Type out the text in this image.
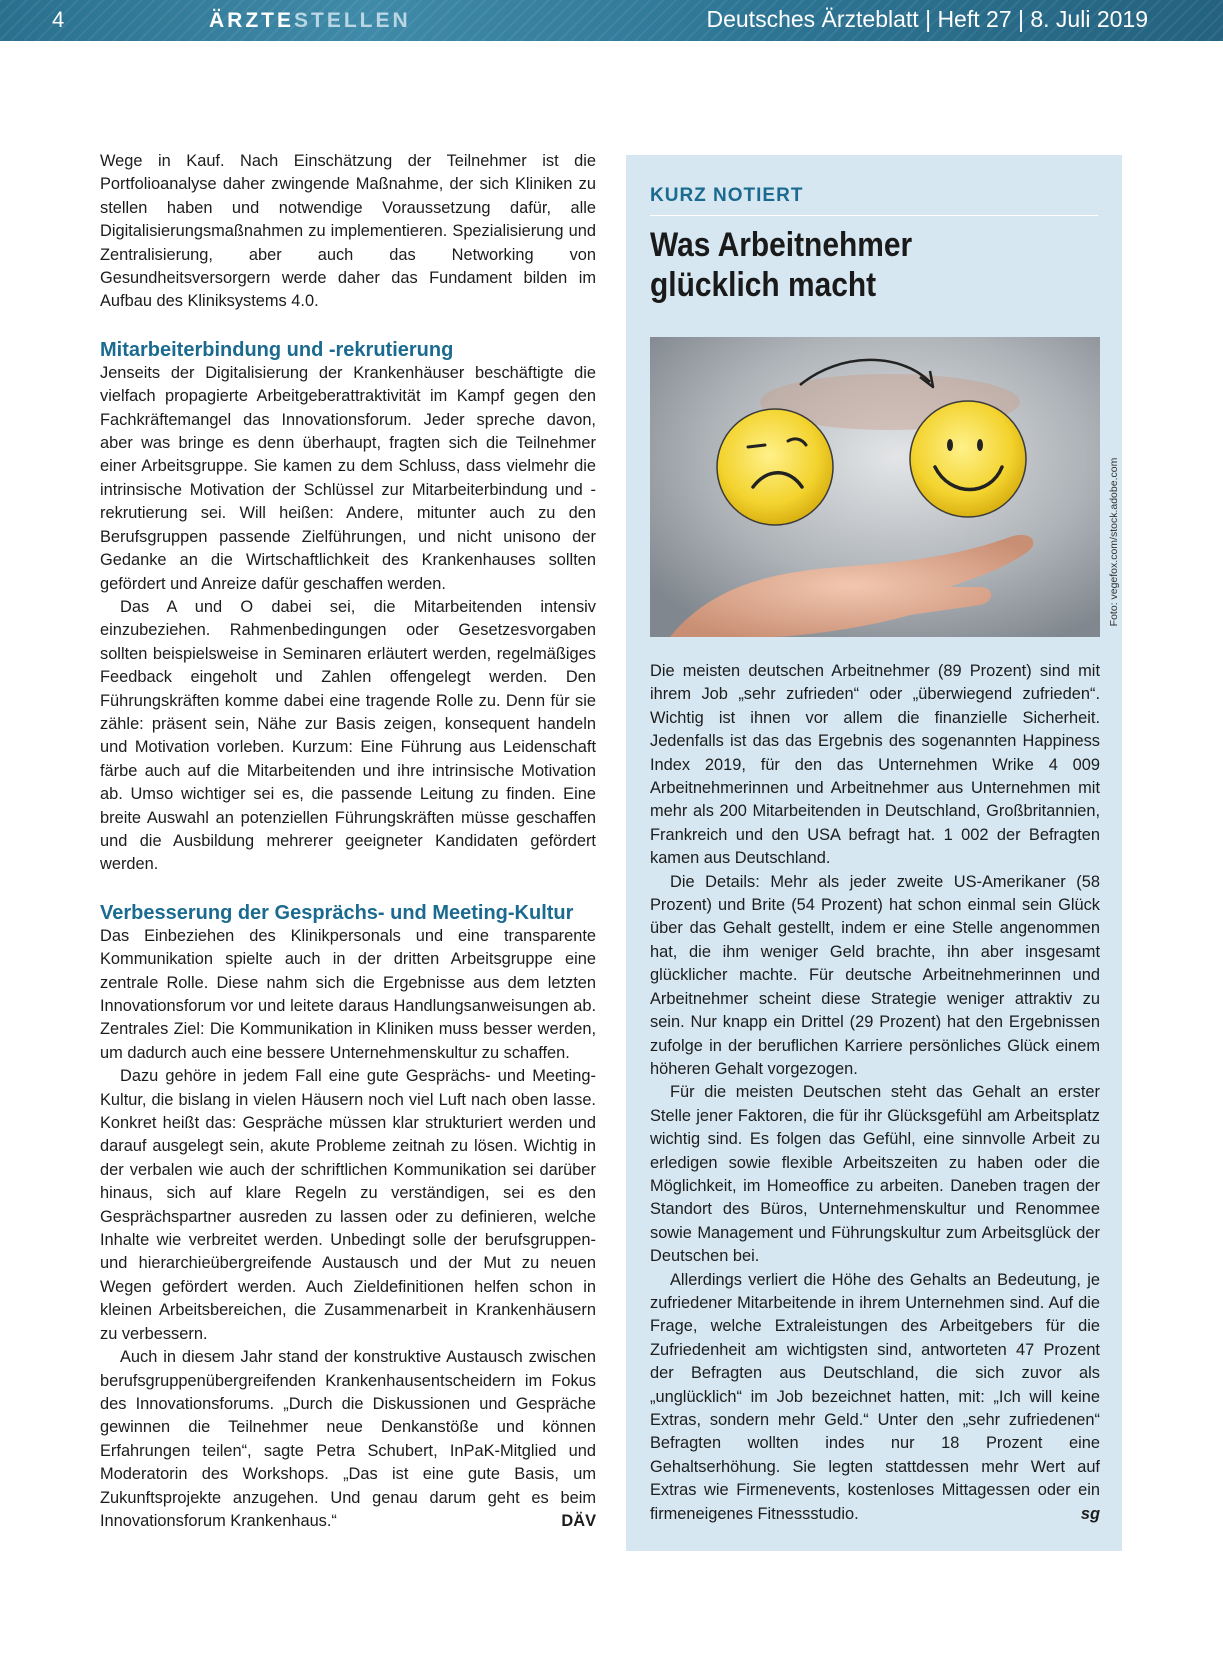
4	ÄRZTESTELLEN	Deutsches Ärzteblatt | Heft 27 | 8. Juli 2019

Wege in Kauf. Nach Einschätzung der Teilnehmer ist die Portfolioanalyse daher zwingende Maßnahme, der sich Kliniken zu stellen haben und notwendige Voraussetzung dafür, alle Digitalisierungsmaßnahmen zu implementieren. Spezialisierung und Zentralisierung, aber auch das Networking von Gesundheitsversorgern werde daher das Fundament bilden im Aufbau des Kliniksystems 4.0.

Mitarbeiterbindung und -rekrutierung

Jenseits der Digitalisierung der Krankenhäuser beschäftigte die vielfach propagierte Arbeitgeberattraktivität im Kampf gegen den Fachkräftemangel das Innovationsforum. Jeder spreche davon, aber was bringe es denn überhaupt, fragten sich die Teilnehmer einer Arbeitsgruppe. Sie kamen zu dem Schluss, dass vielmehr die intrinsische Motivation der Schlüssel zur Mitarbeiterbindung und -rekrutierung sei. Will heißen: Andere, mitunter auch zu den Berufsgruppen passende Zielführungen, und nicht unisono der Gedanke an die Wirtschaftlichkeit des Krankenhauses sollten gefördert und Anreize dafür geschaffen werden.

Das A und O dabei sei, die Mitarbeitenden intensiv einzubeziehen. Rahmenbedingungen oder Gesetzesvorgaben sollten beispielsweise in Seminaren erläutert werden, regelmäßiges Feedback eingeholt und Zahlen offengelegt werden. Den Führungskräften komme dabei eine tragende Rolle zu. Denn für sie zähle: präsent sein, Nähe zur Basis zeigen, konsequent handeln und Motivation vorleben. Kurzum: Eine Führung aus Leidenschaft färbe auch auf die Mitarbeitenden und ihre intrinsische Motivation ab. Umso wichtiger sei es, die passende Leitung zu finden. Eine breite Auswahl an potenziellen Führungskräften müsse geschaffen und die Ausbildung mehrerer geeigneter Kandidaten gefördert werden.

Verbesserung der Gesprächs- und Meeting-Kultur

Das Einbeziehen des Klinikpersonals und eine transparente Kommunikation spielte auch in der dritten Arbeitsgruppe eine zentrale Rolle. Diese nahm sich die Ergebnisse aus dem letzten Innovationsforum vor und leitete daraus Handlungsanweisungen ab. Zentrales Ziel: Die Kommunikation in Kliniken muss besser werden, um dadurch auch eine bessere Unternehmenskultur zu schaffen.

Dazu gehöre in jedem Fall eine gute Gesprächs- und Meeting-Kultur, die bislang in vielen Häusern noch viel Luft nach oben lasse. Konkret heißt das: Gespräche müssen klar strukturiert werden und darauf ausgelegt sein, akute Probleme zeitnah zu lösen. Wichtig in der verbalen wie auch der schriftlichen Kommunikation sei darüber hinaus, sich auf klare Regeln zu verständigen, sei es den Gesprächspartner ausreden zu lassen oder zu definieren, welche Inhalte wie verbreitet werden. Unbedingt solle der berufsgruppen- und hierarchieübergreifende Austausch und der Mut zu neuen Wegen gefördert werden. Auch Zieldefinitionen helfen schon in kleinen Arbeitsbereichen, die Zusammenarbeit in Krankenhäusern zu verbessern.

Auch in diesem Jahr stand der konstruktive Austausch zwischen berufsgruppenübergreifenden Krankenhausentscheidern im Fokus des Innovationsforums. „Durch die Diskussionen und Gespräche gewinnen die Teilnehmer neue Denkanstöße und können Erfahrungen teilen“, sagte Petra Schubert, InPaK-Mitglied und Moderatorin des Workshops. „Das ist eine gute Basis, um Zukunftsprojekte anzugehen. Und genau darum geht es beim Innovationsforum Krankenhaus.“	DÄV

KURZ NOTIERT
Was Arbeitnehmer glücklich macht

Die meisten deutschen Arbeitnehmer (89 Prozent) sind mit ihrem Job „sehr zufrieden“ oder „überwiegend zufrieden“. Wichtig ist ihnen vor allem die finanzielle Sicherheit. Jedenfalls ist das das Ergebnis des sogenannten Happiness Index 2019, für den das Unternehmen Wrike 4 009 Arbeitnehmerinnen und Arbeitnehmer aus Unternehmen mit mehr als 200 Mitarbeitenden in Deutschland, Großbritannien, Frankreich und den USA befragt hat. 1 002 der Befragten kamen aus Deutschland.

Die Details: Mehr als jeder zweite US-Amerikaner (58 Prozent) und Brite (54 Prozent) hat schon einmal sein Glück über das Gehalt gestellt, indem er eine Stelle angenommen hat, die ihm weniger Geld brachte, ihn aber insgesamt glücklicher machte. Für deutsche Arbeitnehmerinnen und Arbeitnehmer scheint diese Strategie weniger attraktiv zu sein. Nur knapp ein Drittel (29 Prozent) hat den Ergebnissen zufolge in der beruflichen Karriere persönliches Glück einem höheren Gehalt vorgezogen.

Für die meisten Deutschen steht das Gehalt an erster Stelle jener Faktoren, die für ihr Glücksgefühl am Arbeitsplatz wichtig sind. Es folgen das Gefühl, eine sinnvolle Arbeit zu erledigen sowie flexible Arbeitszeiten zu haben oder die Möglichkeit, im Homeoffice zu arbeiten. Daneben tragen der Standort des Büros, Unternehmenskultur und Renommee sowie Management und Führungskultur zum Arbeitsglück der Deutschen bei.

Allerdings verliert die Höhe des Gehalts an Bedeutung, je zufriedener Mitarbeitende in ihrem Unternehmen sind. Auf die Frage, welche Extraleistungen des Arbeitgebers für die Zufriedenheit am wichtigsten sind, antworteten 47 Prozent der Befragten aus Deutschland, die sich zuvor als „unglücklich“ im Job bezeichnet hatten, mit: „Ich will keine Extras, sondern mehr Geld.“ Unter den „sehr zufriedenen“ Befragten wollten indes nur 18 Prozent eine Gehaltserhöhung. Sie legten stattdessen mehr Wert auf Extras wie Firmenevents, kostenloses Mittagessen oder ein firmeneigenes Fitnessstudio.	sg

Foto: vegefox.com/stock.adobe.com
